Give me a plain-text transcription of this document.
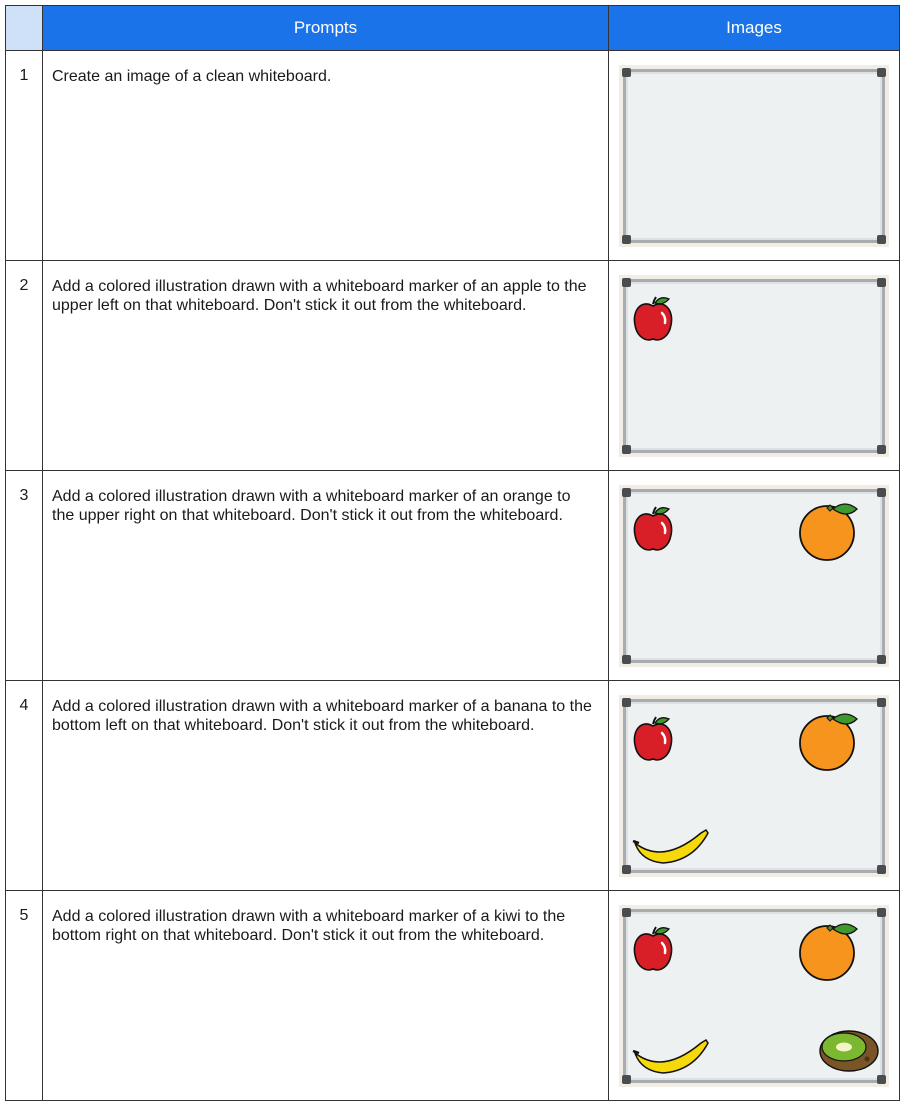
	Prompts	Images
1	Create an image of a clean whiteboard.	

2	Add a colored illustration drawn with a whiteboard marker of an apple to the upper left on that whiteboard. Don't stick it out from the whiteboard.	

3	Add a colored illustration drawn with a whiteboard marker of an orange to the upper right on that whiteboard. Don't stick it out from the whiteboard.	

4	Add a colored illustration drawn with a whiteboard marker of a banana to the bottom left on that whiteboard. Don't stick it out from the whiteboard.	

5	Add a colored illustration drawn with a whiteboard marker of a kiwi to the bottom right on that whiteboard. Don't stick it out from the whiteboard.	
